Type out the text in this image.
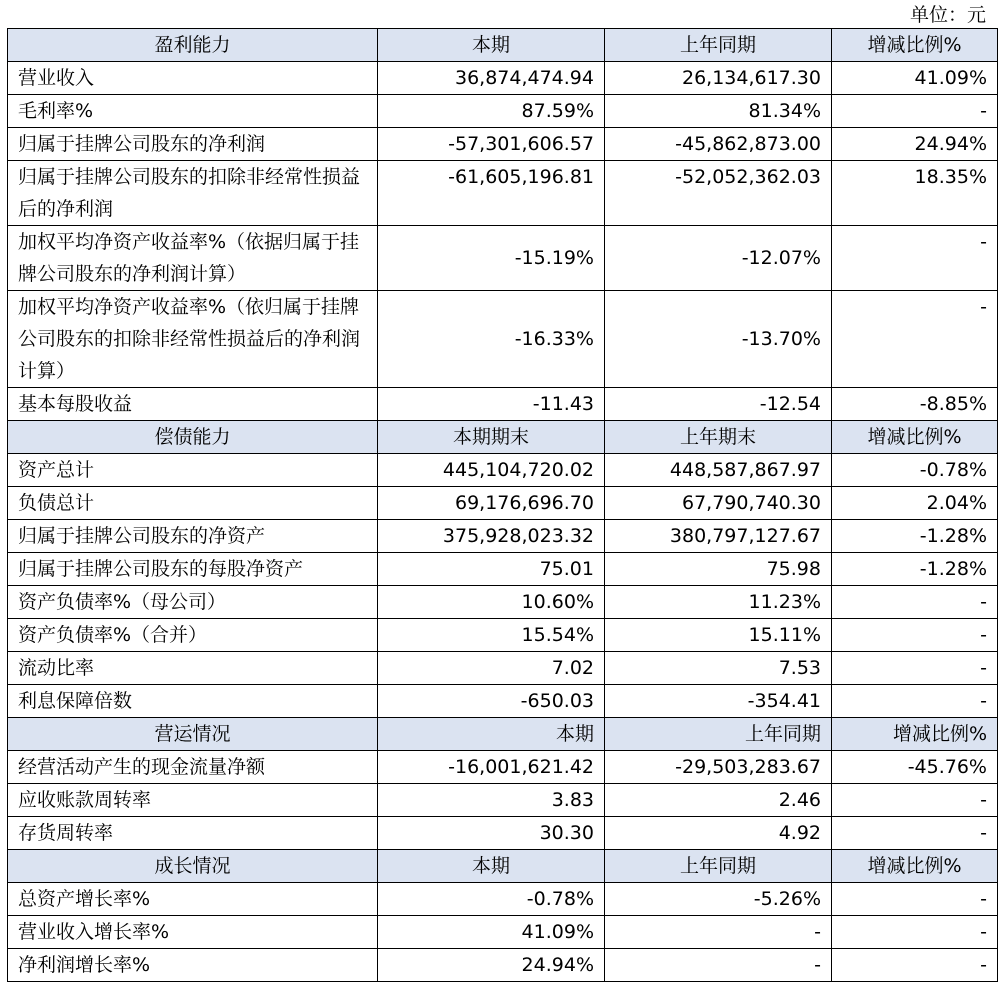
单位：元
盈利能力	本期	上年同期	增减比例%
营业收入	36,874,474.94	26,134,617.30	41.09%
毛利率%	87.59%	81.34%	-
归属于挂牌公司股东的净利润	-57,301,606.57	-45,862,873.00	24.94%
归属于挂牌公司股东的扣除非经常性损益后的净利润	-61,605,196.81	-52,052,362.03	18.35%
加权平均净资产收益率%（依据归属于挂牌公司股东的净利润计算）	-15.19%	-12.07%	-
加权平均净资产收益率%（依归属于挂牌公司股东的扣除非经常性损益后的净利润计算）	-16.33%	-13.70%	-
基本每股收益	-11.43	-12.54	-8.85%
偿债能力	本期期末	上年期末	增减比例%
资产总计	445,104,720.02	448,587,867.97	-0.78%
负债总计	69,176,696.70	67,790,740.30	2.04%
归属于挂牌公司股东的净资产	375,928,023.32	380,797,127.67	-1.28%
归属于挂牌公司股东的每股净资产	75.01	75.98	-1.28%
资产负债率%（母公司）	10.60%	11.23%	-
资产负债率%（合并）	15.54%	15.11%	-
流动比率	7.02	7.53	-
利息保障倍数	-650.03	-354.41	-
营运情况	本期	上年同期	增减比例%
经营活动产生的现金流量净额	-16,001,621.42	-29,503,283.67	-45.76%
应收账款周转率	3.83	2.46	-
存货周转率	30.30	4.92	-
成长情况	本期	上年同期	增减比例%
总资产增长率%	-0.78%	-5.26%	-
营业收入增长率%	41.09%	-	-
净利润增长率%	24.94%	-	-
